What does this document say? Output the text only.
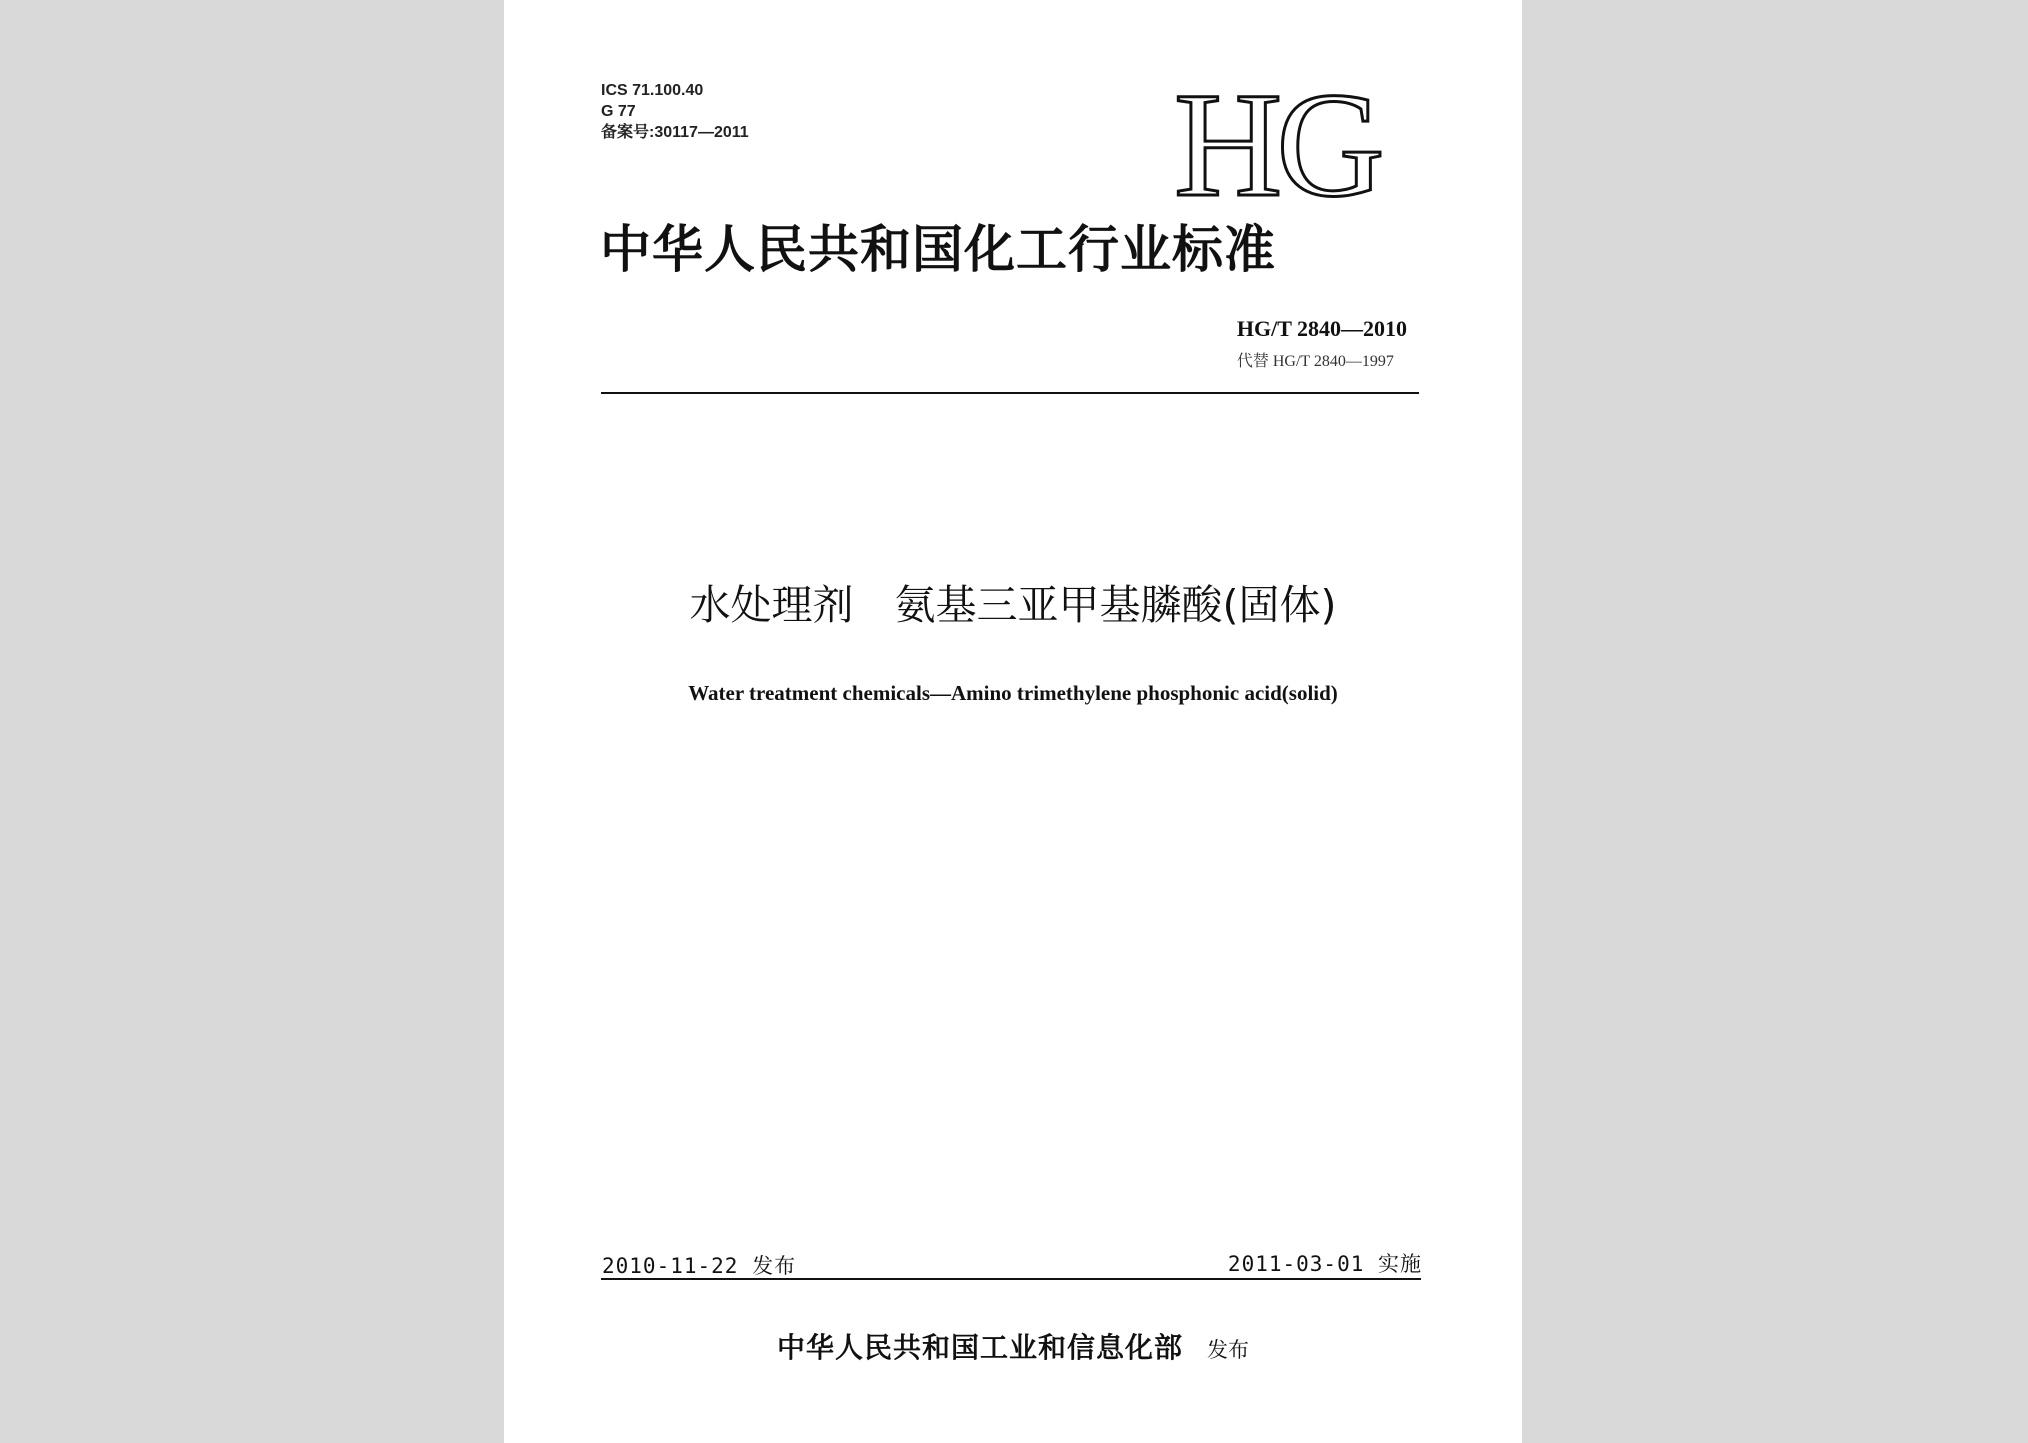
ICS 71.100.40
G 77
备案号:30117—2011	HG
中华人民共和国化工行业标准
HG/T 2840—2010
代替 HG/T 2840—1997
水处理剂　氨基三亚甲基膦酸(固体)
Water treatment chemicals—Amino trimethylene phosphonic acid(solid)
2010-11-22 发布	2011-03-01 实施
中华人民共和国工业和信息化部 发布
